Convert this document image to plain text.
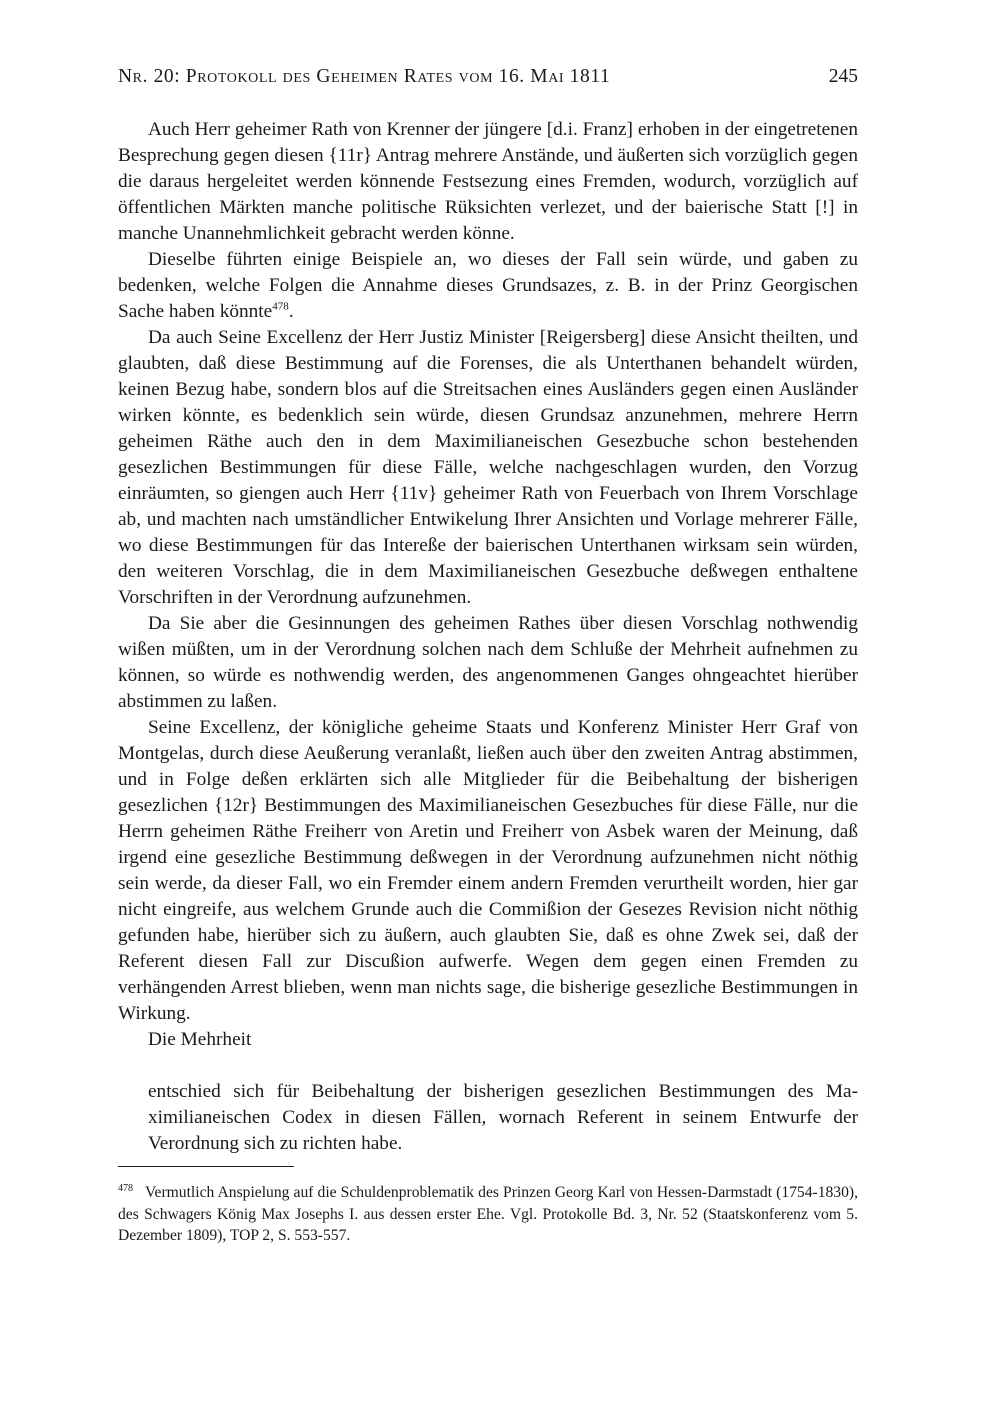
Nr. 20: Protokoll des Geheimen Rates vom 16. Mai 1811	245

Auch Herr geheimer Rath von Krenner der jüngere [d.i. Franz] erhoben in der eingetretenen Besprechung gegen diesen {11r} Antrag mehrere Anstände, und äußerten sich vorzüglich gegen die daraus hergeleitet werden könnende Festsezung eines Fremden, wodurch, vorzüglich auf öffentlichen Märkten manche politische Rüksichten verlezet, und der baierische Statt [!] in manche Unannehmlichkeit gebracht werden könne.

Dieselbe führten einige Beispiele an, wo dieses der Fall sein würde, und gaben zu bedenken, welche Folgen die Annahme dieses Grundsazes, z. B. in der Prinz Georgischen Sache haben könnte$^{478}$.

Da auch Seine Excellenz der Herr Justiz Minister [Reigersberg] diese Ansicht theilten, und glaubten, daß diese Bestimmung auf die Forenses, die als Unterthanen behandelt würden, keinen Bezug habe, sondern blos auf die Streitsachen eines Ausländers gegen einen Ausländer wirken könnte, es bedenklich sein würde, diesen Grundsaz anzunehmen, mehrere Herrn geheimen Räthe auch den in dem Maximilianeischen Gesezbuche schon bestehenden gesezlichen Bestimmungen für diese Fälle, welche nachgeschlagen wurden, den Vorzug einräumten, so giengen auch Herr {11v} geheimer Rath von Feuerbach von Ihrem Vorschlage ab, und machten nach umständlicher Entwikelung Ihrer Ansichten und Vorlage mehrerer Fälle, wo diese Bestimmungen für das Intereße der baierischen Unterthanen wirksam sein würden, den weiteren Vorschlag, die in dem Maximilianeischen Gesezbuche deßwegen enthaltene Vorschriften in der Verordnung aufzunehmen.

Da Sie aber die Gesinnungen des geheimen Rathes über diesen Vorschlag nothwendig wißen müßten, um in der Verordnung solchen nach dem Schluße der Mehrheit aufnehmen zu können, so würde es nothwendig werden, des angenommenen Ganges ohngeachtet hierüber abstimmen zu laßen.

Seine Excellenz, der königliche geheime Staats und Konferenz Minister Herr Graf von Montgelas, durch diese Aeußerung veranlaßt, ließen auch über den zweiten Antrag abstimmen, und in Folge deßen erklärten sich alle Mitglieder für die Beibehaltung der bisherigen gesezlichen {12r} Bestimmungen des Maximilianeischen Gesezbuches für diese Fälle, nur die Herrn geheimen Räthe Freiherr von Aretin und Freiherr von Asbek waren der Meinung, daß irgend eine gesezliche Bestimmung deßwegen in der Verordnung aufzunehmen nicht nöthig sein werde, da dieser Fall, wo ein Fremder einem andern Fremden verurtheilt worden, hier gar nicht eingreife, aus welchem Grunde auch die Commißion der Gesezes Revision nicht nöthig gefunden habe, hierüber sich zu äußern, auch glaubten Sie, daß es ohne Zwek sei, daß der Referent diesen Fall zur Discußion aufwerfe. Wegen dem gegen einen Fremden zu verhängenden Arrest blieben, wenn man nichts sage, die bisherige gesezliche Bestimmungen in Wirkung.

Die Mehrheit

entschied sich für Beibehaltung der bisherigen gesezlichen Bestimmungen des Maximilianeischen Codex in diesen Fällen, wornach Referent in seinem Entwurfe der Verordnung sich zu richten habe.

$^{478}$ Vermutlich Anspielung auf die Schuldenproblematik des Prinzen Georg Karl von Hessen-Darmstadt (1754-1830), des Schwagers König Max Josephs I. aus dessen erster Ehe. Vgl. Protokolle Bd. 3, Nr. 52 (Staatskonferenz vom 5. Dezember 1809), TOP 2, S. 553-557.
